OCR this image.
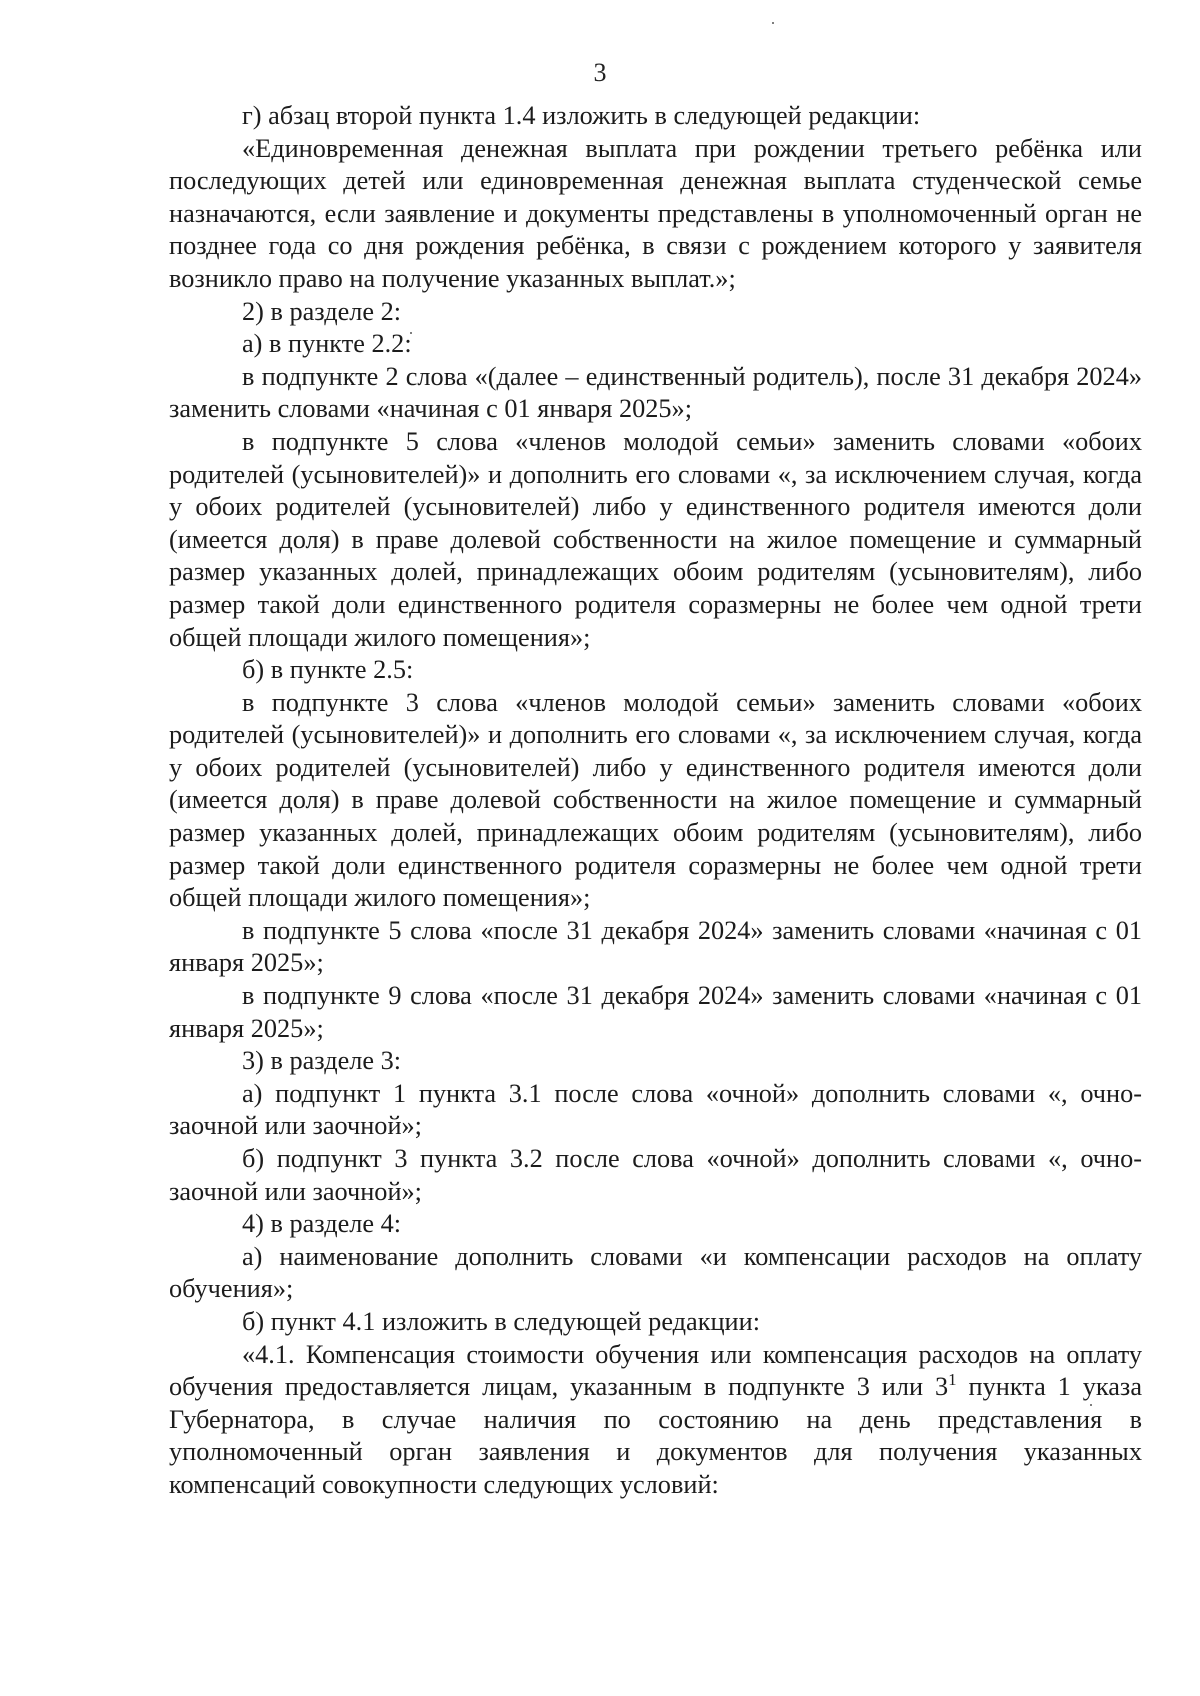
3

г) абзац второй пункта 1.4 изложить в следующей редакции:

«Единовременная денежная выплата при рождении третьего ребёнка или последующих детей или единовременная денежная выплата студенческой семье назначаются, если заявление и документы представлены в уполномоченный орган не позднее года со дня рождения ребёнка, в связи с рождением которого у заявителя возникло право на получение указанных выплат.»;

2) в разделе 2:

а) в пункте 2.2:

в подпункте 2 слова «(далее – единственный родитель), после 31 декабря 2024» заменить словами «начиная с 01 января 2025»;

в подпункте 5 слова «членов молодой семьи» заменить словами «обоих родителей (усыновителей)» и дополнить его словами «, за исключением случая, когда у обоих родителей (усыновителей) либо у единственного родителя имеются доли (имеется доля) в праве долевой собственности на жилое помещение и суммарный размер указанных долей, принадлежащих обоим родителям (усыновителям), либо размер такой доли единственного родителя соразмерны не более чем одной трети общей площади жилого помещения»;

б) в пункте 2.5:

в подпункте 3 слова «членов молодой семьи» заменить словами «обоих родителей (усыновителей)» и дополнить его словами «, за исключением случая, когда у обоих родителей (усыновителей) либо у единственного родителя имеются доли (имеется доля) в праве долевой собственности на жилое помещение и суммарный размер указанных долей, принадлежащих обоим родителям (усыновителям), либо размер такой доли единственного родителя соразмерны не более чем одной трети общей площади жилого помещения»;

в подпункте 5 слова «после 31 декабря 2024» заменить словами «начиная с 01 января 2025»;

в подпункте 9 слова «после 31 декабря 2024» заменить словами «начиная с 01 января 2025»;

3) в разделе 3:

а) подпункт 1 пункта 3.1 после слова «очной» дополнить словами «, очно-заочной или заочной»;

б) подпункт 3 пункта 3.2 после слова «очной» дополнить словами «, очно-заочной или заочной»;

4) в разделе 4:

а) наименование дополнить словами «и компенсации расходов на оплату обучения»;

б) пункт 4.1 изложить в следующей редакции:

«4.1. Компенсация стоимости обучения или компенсация расходов на оплату обучения предоставляется лицам, указанным в подпункте 3 или $3^1$ пункта 1 указа Губернатора, в случае наличия по состоянию на день представления в уполномоченный орган заявления и документов для получения указанных компенсаций совокупности следующих условий:
